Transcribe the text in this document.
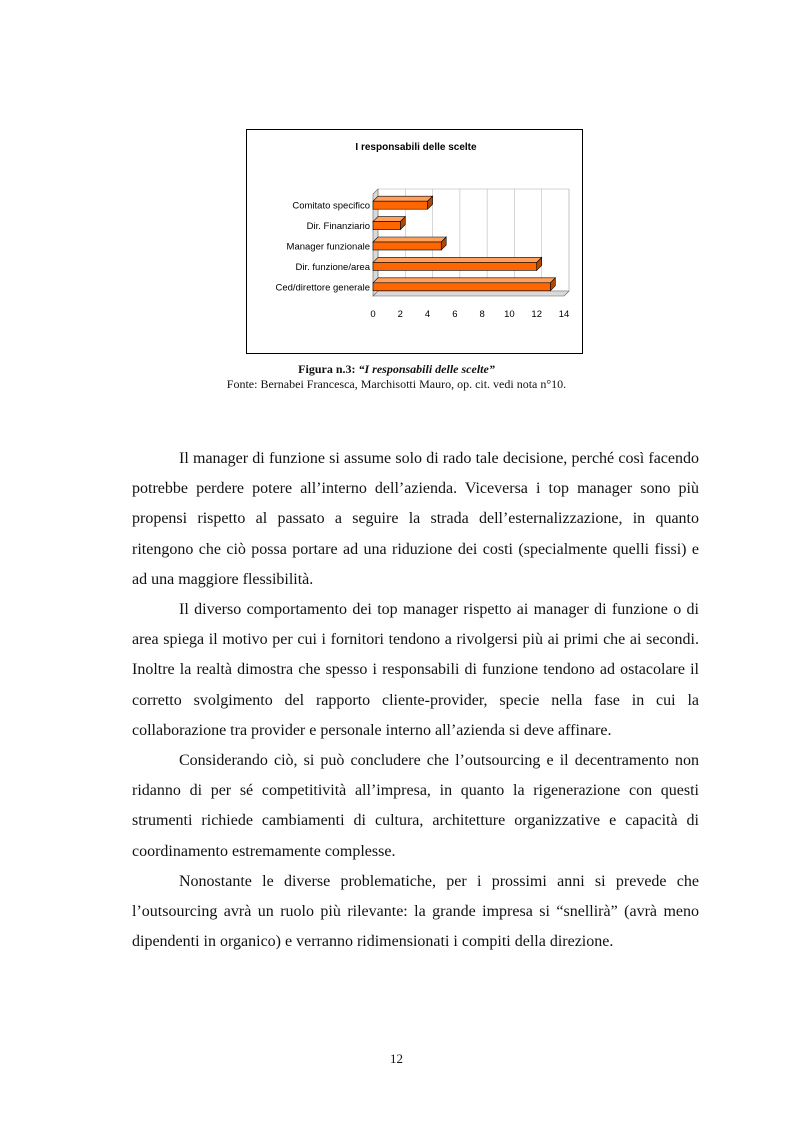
I responsabili delle scelte
Comitato specifico
Dir. Finanziario
Manager funzionale
Dir. funzione/area
Ced/direttore generale
0 2 4 6 8 10 12 14

Figura n.3: “I responsabili delle scelte”

Fonte: Bernabei Francesca, Marchisotti Mauro, op. cit. vedi nota n°10.

Il manager di funzione si assume solo di rado tale decisione, perché così facendo potrebbe perdere potere all’interno dell’azienda. Viceversa i top manager sono più propensi rispetto al passato a seguire la strada dell’esternalizzazione, in quanto ritengono che ciò possa portare ad una riduzione dei costi (specialmente quelli fissi) e ad una maggiore flessibilità.

Il diverso comportamento dei top manager rispetto ai manager di funzione o di area spiega il motivo per cui i fornitori tendono a rivolgersi più ai primi che ai secondi. Inoltre la realtà dimostra che spesso i responsabili di funzione tendono ad ostacolare il corretto svolgimento del rapporto cliente-provider, specie nella fase in cui la collaborazione tra provider e personale interno all’azienda si deve affinare.

Considerando ciò, si può concludere che l’outsourcing e il decentramento non ridanno di per sé competitività all’impresa, in quanto la rigenerazione con questi strumenti richiede cambiamenti di cultura, architetture organizzative e capacità di coordinamento estremamente complesse.

Nonostante le diverse problematiche, per i prossimi anni si prevede che l’outsourcing avrà un ruolo più rilevante: la grande impresa si “snellirà” (avrà meno dipendenti in organico) e verranno ridimensionati i compiti della direzione.

12
